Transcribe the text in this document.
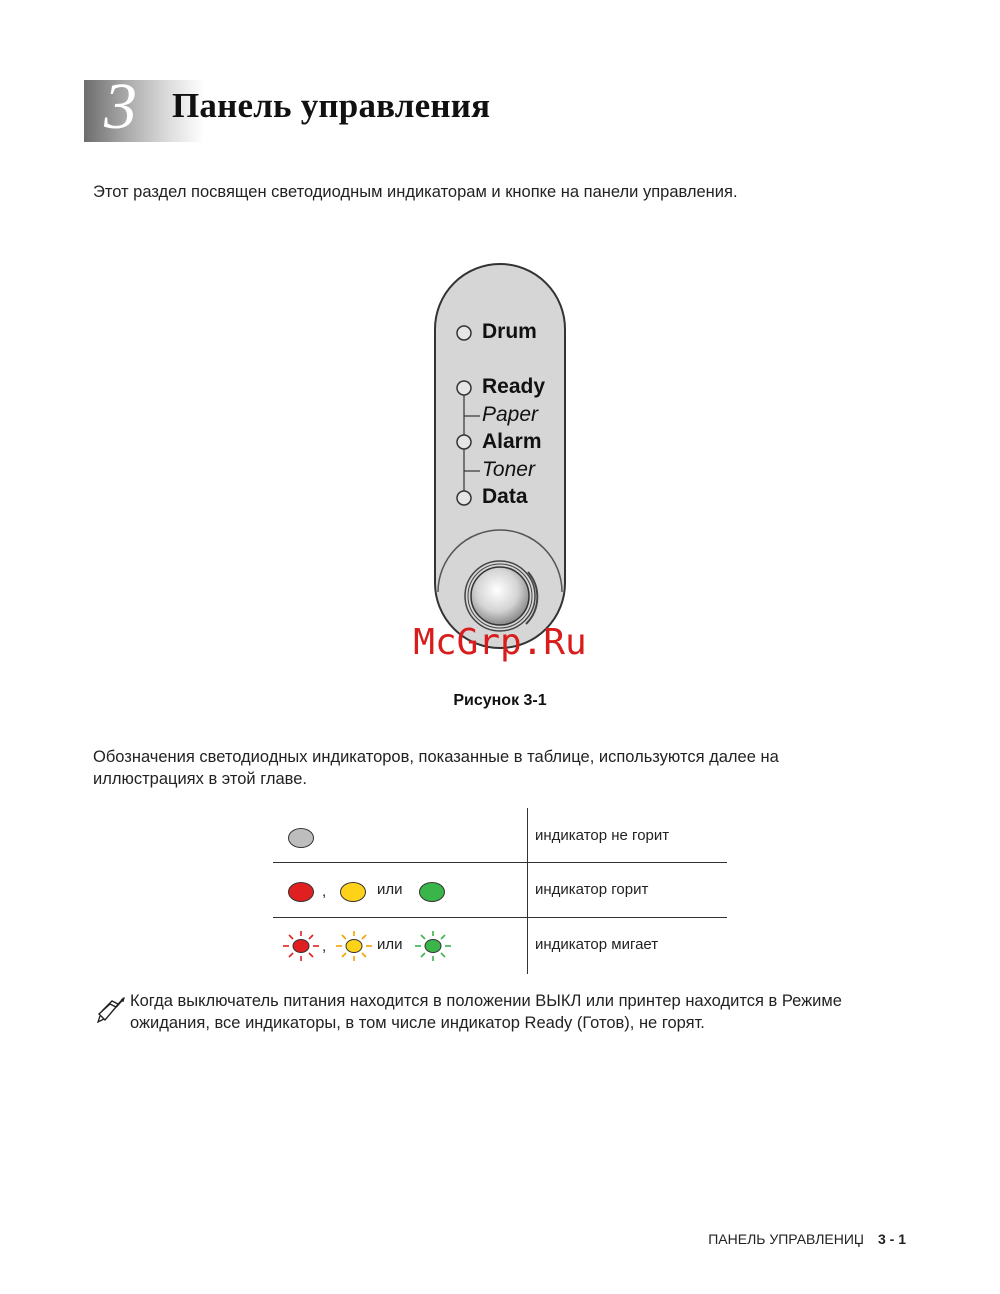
3 Панель управления
Этот раздел посвящен светодиодным индикаторам и кнопке на панели управления.
Drum
Ready
Paper
Alarm
Toner
Data
McGrp.Ru
Рисунок 3-1
Обозначения светодиодных индикаторов, показанные в таблице, используются далее на иллюстрациях в этой главе.
индикатор не горит
,	или	индикатор горит
,	или	индикатор мигает
Когда выключатель питания находится в положении ВЫКЛ или принтер находится в Режиме ожидания, все индикаторы, в том числе индикатор Ready (Готов), не горят.
ПАНЕЛЬ УПРАВЛЕНИЏ 3 - 1
